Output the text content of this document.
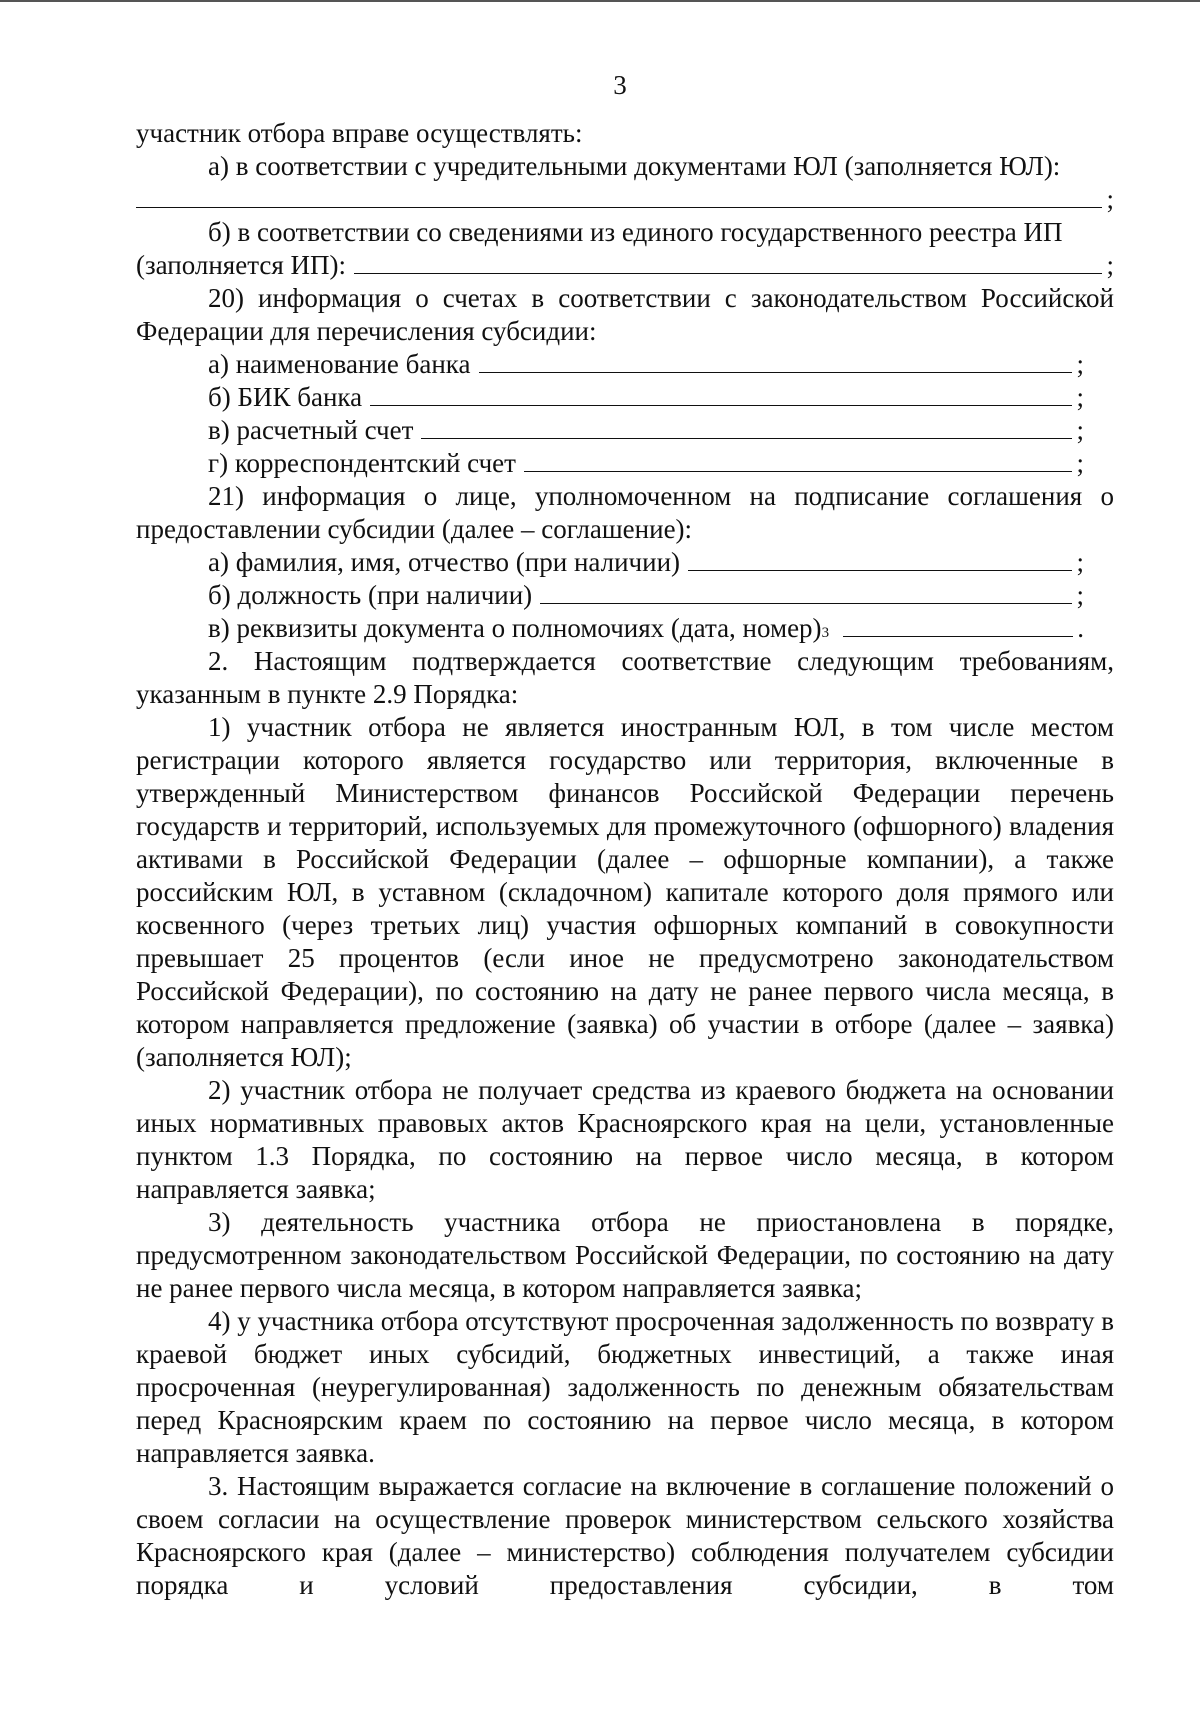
3

участник отбора вправе осуществлять:

а) в соответствии с учредительными документами ЮЛ (заполняется ЮЛ):

;

б) в соответствии со сведениями из единого государственного реестра ИП

(заполняется ИП):	;

20) информация о счетах в соответствии с законодательством Российской

Федерации для перечисления субсидии:

а) наименование банка	;
б) БИК банка	;
в) расчетный счет	;
г) корреспондентский счет	;

21) информация о лице, уполномоченном на подписание соглашения о предоставлении субсидии (далее – соглашение):

а) фамилия, имя, отчество (при наличии)	;
б) должность (при наличии)	;
в) реквизиты документа о полномочиях (дата, номер) 3	.

2. Настоящим подтверждается соответствие следующим требованиям, указанным в пункте 2.9 Порядка:

1) участник отбора не является иностранным ЮЛ, в том числе местом регистрации которого является государство или территория, включенные в утвержденный Министерством финансов Российской Федерации перечень государств и территорий, используемых для промежуточного (офшорного) владения активами в Российской Федерации (далее – офшорные компании), а также российским ЮЛ, в уставном (складочном) капитале которого доля прямого или косвенного (через третьих лиц) участия офшорных компаний в совокупности превышает 25 процентов (если иное не предусмотрено законодательством Российской Федерации), по состоянию на дату не ранее первого числа месяца, в котором направляется предложение (заявка) об участии в отборе (далее – заявка) (заполняется ЮЛ);

2) участник отбора не получает средства из краевого бюджета на основании иных нормативных правовых актов Красноярского края на цели, установленные пунктом 1.3 Порядка, по состоянию на первое число месяца, в котором направляется заявка;

3) деятельность участника отбора не приостановлена в порядке, предусмотренном законодательством Российской Федерации, по состоянию на дату не ранее первого числа месяца, в котором направляется заявка;

4) у участника отбора отсутствуют просроченная задолженность по возврату в краевой бюджет иных субсидий, бюджетных инвестиций, а также иная просроченная (неурегулированная) задолженность по денежным обязательствам перед Красноярским краем по состоянию на первое число месяца, в котором направляется заявка.

3. Настоящим выражается согласие на включение в соглашение положений о своем согласии на осуществление проверок министерством сельского хозяйства Красноярского края (далее – министерство) соблюдения получателем субсидии порядка и условий предоставления субсидии, в том
